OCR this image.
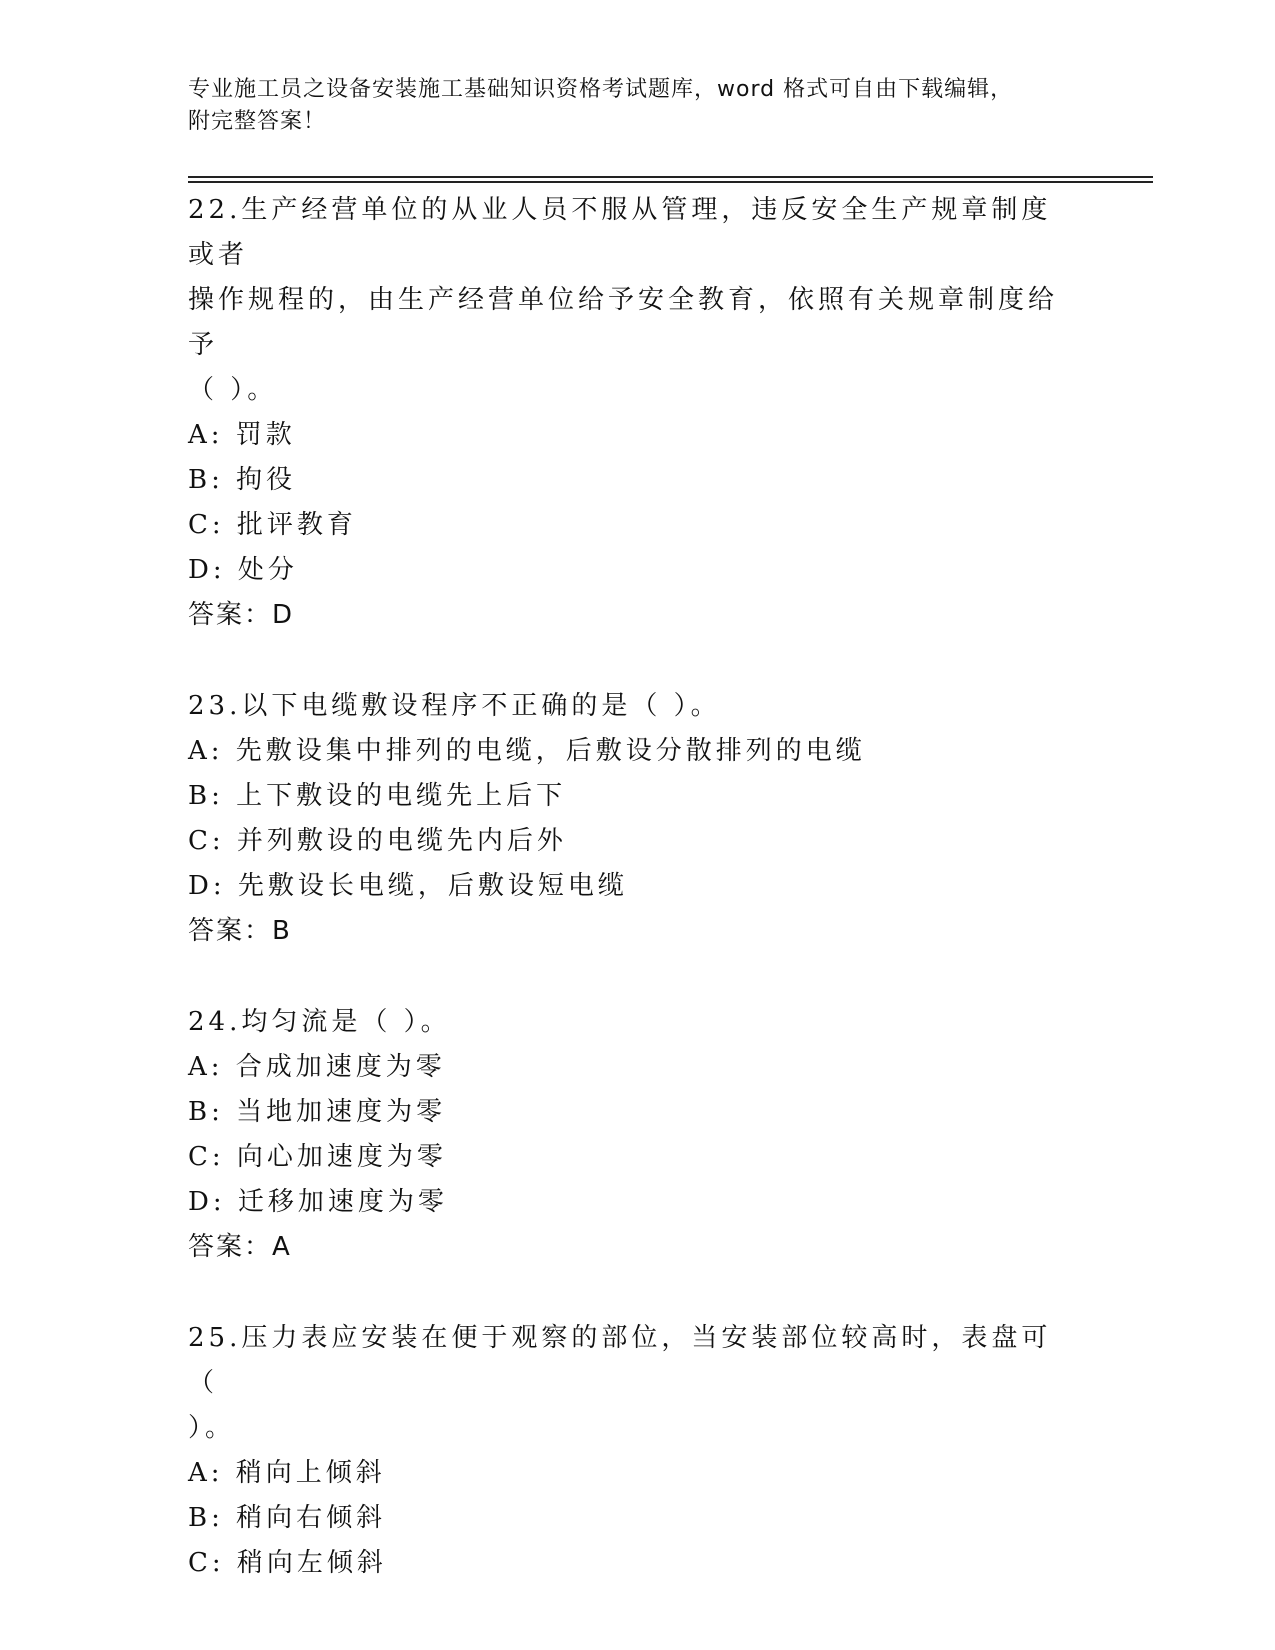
专业施工员之设备安装施工基础知识资格考试题库，word 格式可自由下载编辑，
附完整答案！
22.生产经营单位的从业人员不服从管理，违反安全生产规章制度或者
操作规程的，由生产经营单位给予安全教育，依照有关规章制度给予
（ ）。
A: 罚款
B: 拘役
C: 批评教育
D: 处分
答案：D
23.以下电缆敷设程序不正确的是（ ）。
A: 先敷设集中排列的电缆，后敷设分散排列的电缆
B: 上下敷设的电缆先上后下
C: 并列敷设的电缆先内后外
D: 先敷设长电缆，后敷设短电缆
答案：B
24.均匀流是（ ）。
A: 合成加速度为零
B: 当地加速度为零
C: 向心加速度为零
D: 迁移加速度为零
答案：A
25.压力表应安装在便于观察的部位，当安装部位较高时，表盘可（
）。
A: 稍向上倾斜
B: 稍向右倾斜
C: 稍向左倾斜
